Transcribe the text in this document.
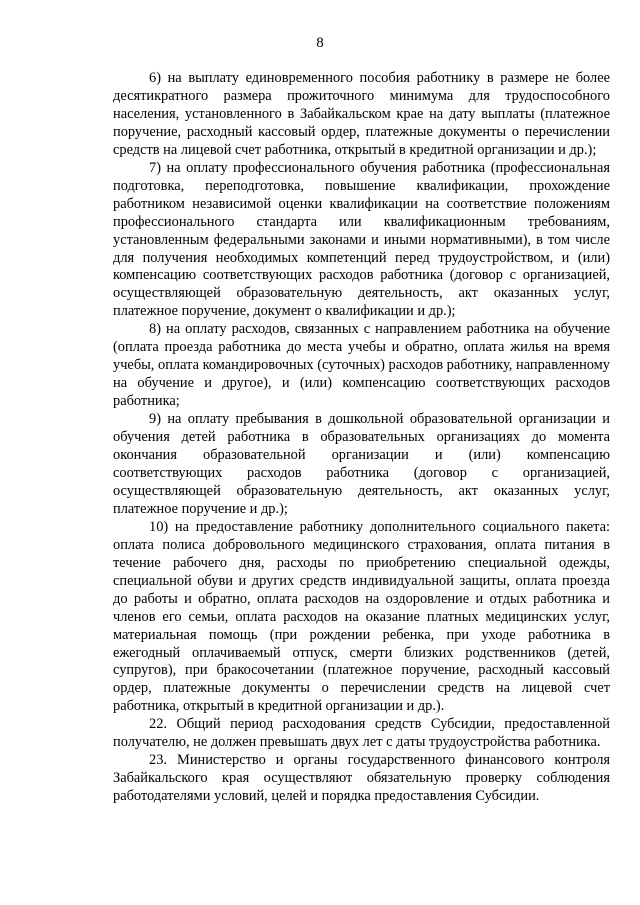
8

6) на выплату единовременного пособия работнику в размере не более десятикратного размера прожиточного минимума для трудоспособного населения, установленного в Забайкальском крае на дату выплаты (платежное поручение, расходный кассовый ордер, платежные документы о перечислении средств на лицевой счет работника, открытый в кредитной организации и др.);

7) на оплату профессионального обучения работника (профессиональная подготовка, переподготовка, повышение квалификации, прохождение работником независимой оценки квалификации на соответствие положениям профессионального стандарта или квалификационным требованиям, установленным федеральными законами и иными нормативными), в том числе для получения необходимых компетенций перед трудоустройством, и (или) компенсацию соответствующих расходов работника (договор с организацией, осуществляющей образовательную деятельность, акт оказанных услуг, платежное поручение, документ о квалификации и др.);

8) на оплату расходов, связанных с направлением работника на обучение (оплата проезда работника до места учебы и обратно, оплата жилья на время учебы, оплата командировочных (суточных) расходов работнику, направленному на обучение и другое), и (или) компенсацию соответствующих расходов работника;

9) на оплату пребывания в дошкольной образовательной организации и обучения детей работника в образовательных организациях до момента окончания образовательной организации и (или) компенсацию соответствующих расходов работника (договор с организацией, осуществляющей образовательную деятельность, акт оказанных услуг, платежное поручение и др.);

10) на предоставление работнику дополнительного социального пакета: оплата полиса добровольного медицинского страхования, оплата питания в течение рабочего дня, расходы по приобретению специальной одежды, специальной обуви и других средств индивидуальной защиты, оплата проезда до работы и обратно, оплата расходов на оздоровление и отдых работника и членов его семьи, оплата расходов на оказание платных медицинских услуг, материальная помощь (при рождении ребенка, при уходе работника в ежегодный оплачиваемый отпуск, смерти близких родственников (детей, супругов), при бракосочетании (платежное поручение, расходный кассовый ордер, платежные документы о перечислении средств на лицевой счет работника, открытый в кредитной организации и др.).

22. Общий период расходования средств Субсидии, предоставленной получателю, не должен превышать двух лет с даты трудоустройства работника.

23. Министерство и органы государственного финансового контроля Забайкальского края осуществляют обязательную проверку соблюдения работодателями условий, целей и порядка предоставления Субсидии.
